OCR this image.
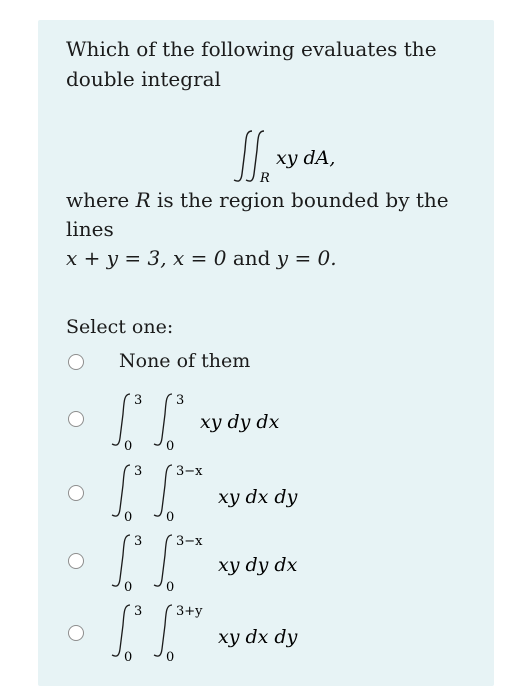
Which of the following evaluates the double integral

R
xy dA,

where R is the region bounded by the lines
x + y = 3, x = 0 and y = 0.

Select one:

None of them
3
0
3
0
xy dy dx
3
0
3−x
0
xy dx dy
3
0
3−x
0
xy dy dx
3
0
3+y
0
xy dx dy
